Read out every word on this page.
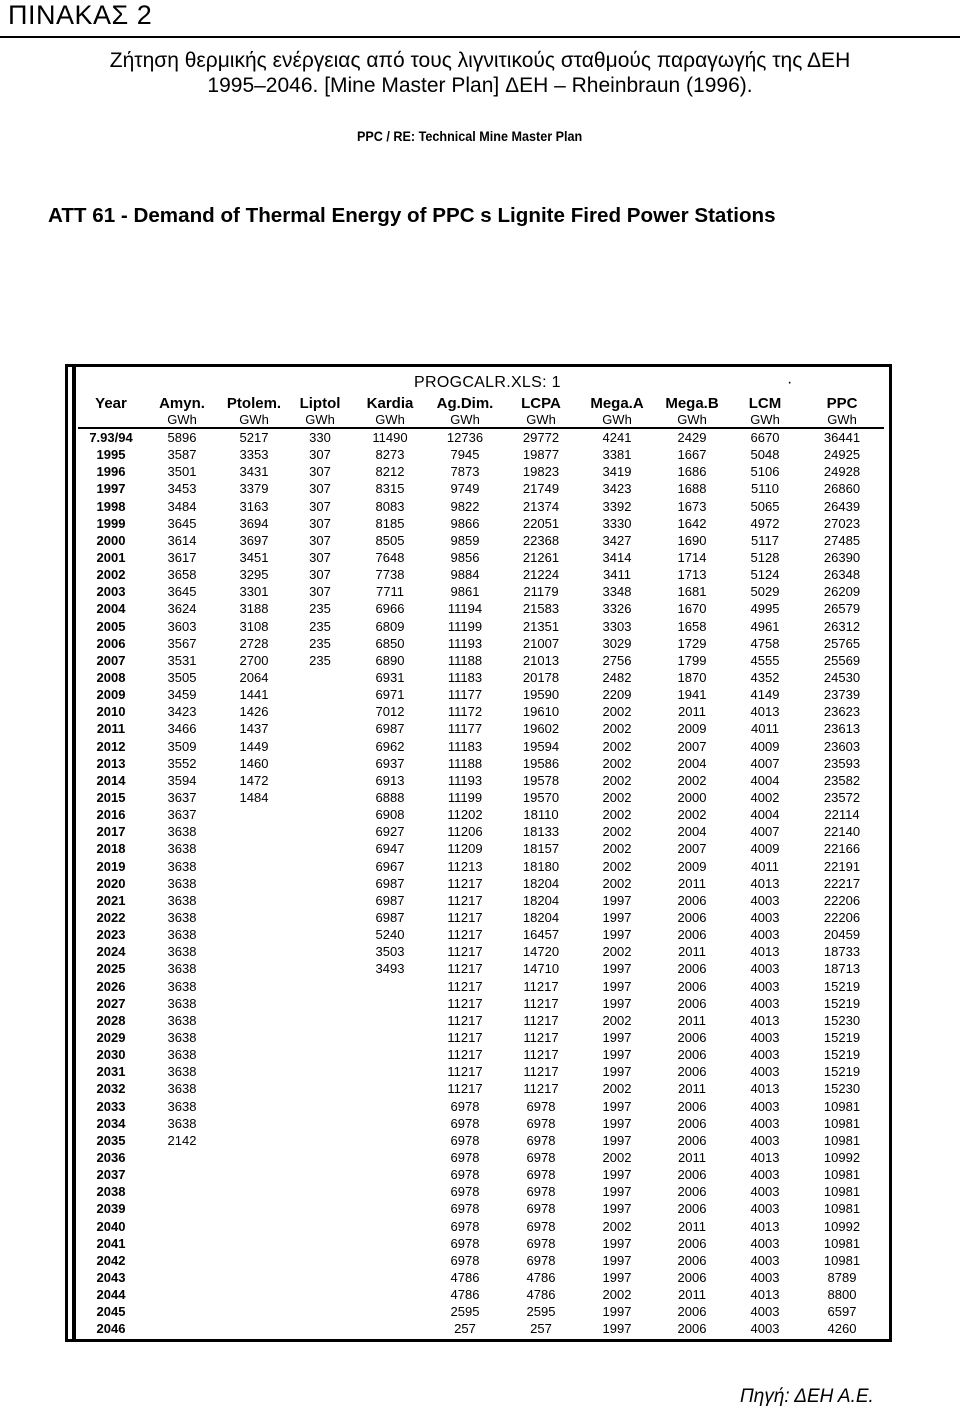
ΠΙΝΑΚΑΣ 2
Ζήτηση θερμικής ενέργειας από τους λιγνιτικούς σταθμούς παραγωγής της ΔΕΗ
1995–2046. [Mine Master Plan] ΔΕΗ – Rheinbraun (1996).
PPC / RE: Technical Mine Master Plan
ATT 61 - Demand of Thermal Energy of PPC s Lignite Fired Power Stations
PROGCALR.XLS: 1	·
Year	Amyn.	Ptolem.	Liptol	Kardia	Ag.Dim.	LCPA	Mega.A	Mega.B	LCM	PPC
	GWh	GWh	GWh	GWh	GWh	GWh	GWh	GWh	GWh	GWh
7.93/94	5896	5217	330	11490	12736	29772	4241	2429	6670	36441
1995	3587	3353	307	8273	7945	19877	3381	1667	5048	24925
1996	3501	3431	307	8212	7873	19823	3419	1686	5106	24928
1997	3453	3379	307	8315	9749	21749	3423	1688	5110	26860
1998	3484	3163	307	8083	9822	21374	3392	1673	5065	26439
1999	3645	3694	307	8185	9866	22051	3330	1642	4972	27023
2000	3614	3697	307	8505	9859	22368	3427	1690	5117	27485
2001	3617	3451	307	7648	9856	21261	3414	1714	5128	26390
2002	3658	3295	307	7738	9884	21224	3411	1713	5124	26348
2003	3645	3301	307	7711	9861	21179	3348	1681	5029	26209
2004	3624	3188	235	6966	11194	21583	3326	1670	4995	26579
2005	3603	3108	235	6809	11199	21351	3303	1658	4961	26312
2006	3567	2728	235	6850	11193	21007	3029	1729	4758	25765
2007	3531	2700	235	6890	11188	21013	2756	1799	4555	25569
2008	3505	2064		6931	11183	20178	2482	1870	4352	24530
2009	3459	1441		6971	11177	19590	2209	1941	4149	23739
2010	3423	1426		7012	11172	19610	2002	2011	4013	23623
2011	3466	1437		6987	11177	19602	2002	2009	4011	23613
2012	3509	1449		6962	11183	19594	2002	2007	4009	23603
2013	3552	1460		6937	11188	19586	2002	2004	4007	23593
2014	3594	1472		6913	11193	19578	2002	2002	4004	23582
2015	3637	1484		6888	11199	19570	2002	2000	4002	23572
2016	3637			6908	11202	18110	2002	2002	4004	22114
2017	3638			6927	11206	18133	2002	2004	4007	22140
2018	3638			6947	11209	18157	2002	2007	4009	22166
2019	3638			6967	11213	18180	2002	2009	4011	22191
2020	3638			6987	11217	18204	2002	2011	4013	22217
2021	3638			6987	11217	18204	1997	2006	4003	22206
2022	3638			6987	11217	18204	1997	2006	4003	22206
2023	3638			5240	11217	16457	1997	2006	4003	20459
2024	3638			3503	11217	14720	2002	2011	4013	18733
2025	3638			3493	11217	14710	1997	2006	4003	18713
2026	3638				11217	11217	1997	2006	4003	15219
2027	3638				11217	11217	1997	2006	4003	15219
2028	3638				11217	11217	2002	2011	4013	15230
2029	3638				11217	11217	1997	2006	4003	15219
2030	3638				11217	11217	1997	2006	4003	15219
2031	3638				11217	11217	1997	2006	4003	15219
2032	3638				11217	11217	2002	2011	4013	15230
2033	3638				6978	6978	1997	2006	4003	10981
2034	3638				6978	6978	1997	2006	4003	10981
2035	2142				6978	6978	1997	2006	4003	10981
2036					6978	6978	2002	2011	4013	10992
2037					6978	6978	1997	2006	4003	10981
2038					6978	6978	1997	2006	4003	10981
2039					6978	6978	1997	2006	4003	10981
2040					6978	6978	2002	2011	4013	10992
2041					6978	6978	1997	2006	4003	10981
2042					6978	6978	1997	2006	4003	10981
2043					4786	4786	1997	2006	4003	8789
2044					4786	4786	2002	2011	4013	8800
2045					2595	2595	1997	2006	4003	6597
2046					257	257	1997	2006	4003	4260
Πηγή: ΔΕΗ Α.Ε.
